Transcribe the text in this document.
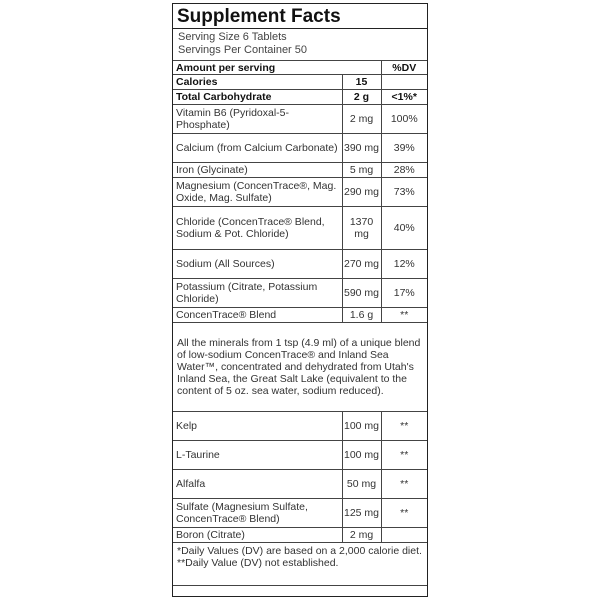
Supplement Facts
Serving Size 6 Tablets
Servings Per Container 50
Amount per serving		%DV
Calories	15	
Total Carbohydrate	2 g	<1%*
Vitamin B6 (Pyridoxal-5-Phosphate)	2 mg	100%
Calcium (from Calcium Carbonate)	390 mg	39%
Iron (Glycinate)	5 mg	28%
Magnesium (ConcenTrace®, Mag. Oxide, Mag. Sulfate)	290 mg	73%
Chloride (ConcenTrace® Blend, Sodium & Pot. Chloride)	1370 mg	40%
Sodium (All Sources)	270 mg	12%
Potassium (Citrate, Potassium Chloride)	590 mg	17%
ConcenTrace® Blend	1.6 g	**
All the minerals from 1 tsp (4.9 ml) of a unique blend of low-sodium ConcenTrace® and Inland Sea Water™, concentrated and dehydrated from Utah's Inland Sea, the Great Salt Lake (equivalent to the content of 5 oz. sea water, sodium reduced).		
Kelp	100 mg	**
L-Taurine	100 mg	**
Alfalfa	50 mg	**
Sulfate (Magnesium Sulfate, ConcenTrace® Blend)	125 mg	**
Boron (Citrate)	2 mg	

*Daily Values (DV) are based on a 2,000 calorie diet.
**Daily Value (DV) not established.		
